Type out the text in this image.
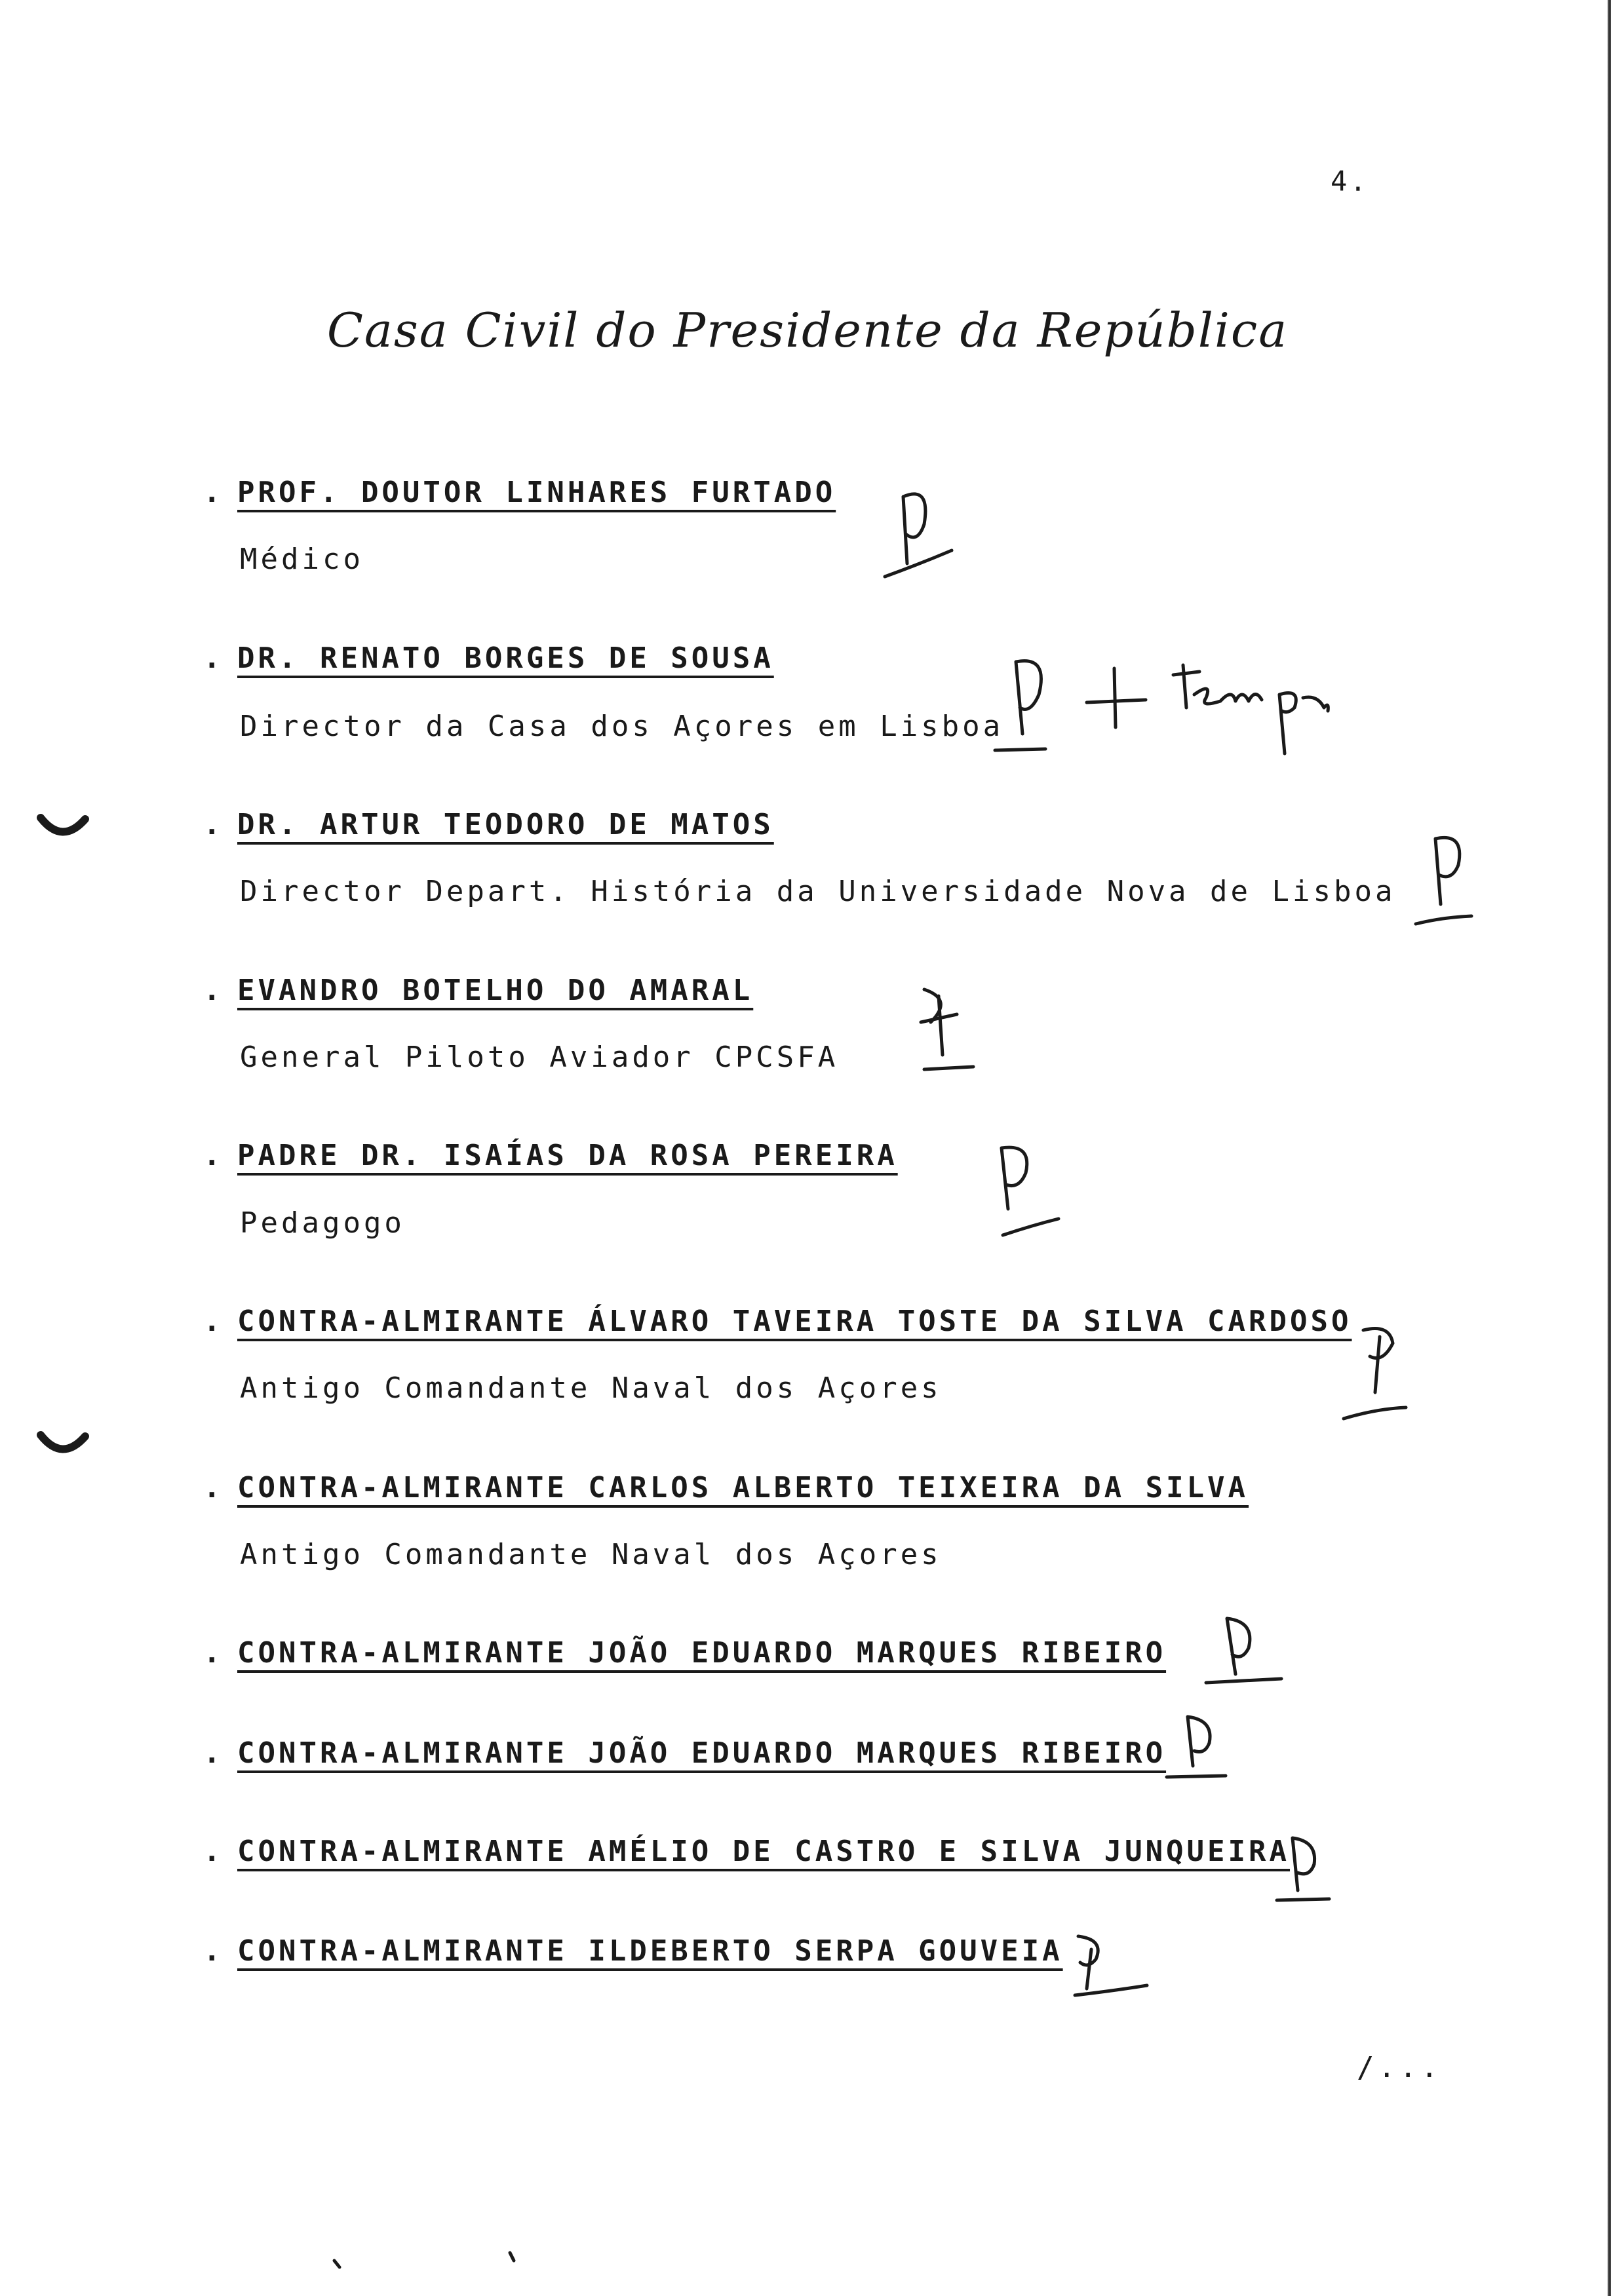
4.
Casa Civil do Presidente da República
. PROF. DOUTOR LINHARES FURTADO
Médico
. DR. RENATO BORGES DE SOUSA
Director da Casa dos Açores em Lisboa
. DR. ARTUR TEODORO DE MATOS
Director Depart. História da Universidade Nova de Lisboa
. EVANDRO BOTELHO DO AMARAL
General Piloto Aviador CPCSFA
. PADRE DR. ISAÍAS DA ROSA PEREIRA
Pedagogo
. CONTRA-ALMIRANTE ÁLVARO TAVEIRA TOSTE DA SILVA CARDOSO
Antigo Comandante Naval dos Açores
. CONTRA-ALMIRANTE CARLOS ALBERTO TEIXEIRA DA SILVA
Antigo Comandante Naval dos Açores
. CONTRA-ALMIRANTE JOÃO EDUARDO MARQUES RIBEIRO
. CONTRA-ALMIRANTE JOÃO EDUARDO MARQUES RIBEIRO
. CONTRA-ALMIRANTE AMÉLIO DE CASTRO E SILVA JUNQUEIRA
. CONTRA-ALMIRANTE ILDEBERTO SERPA GOUVEIA
/...
